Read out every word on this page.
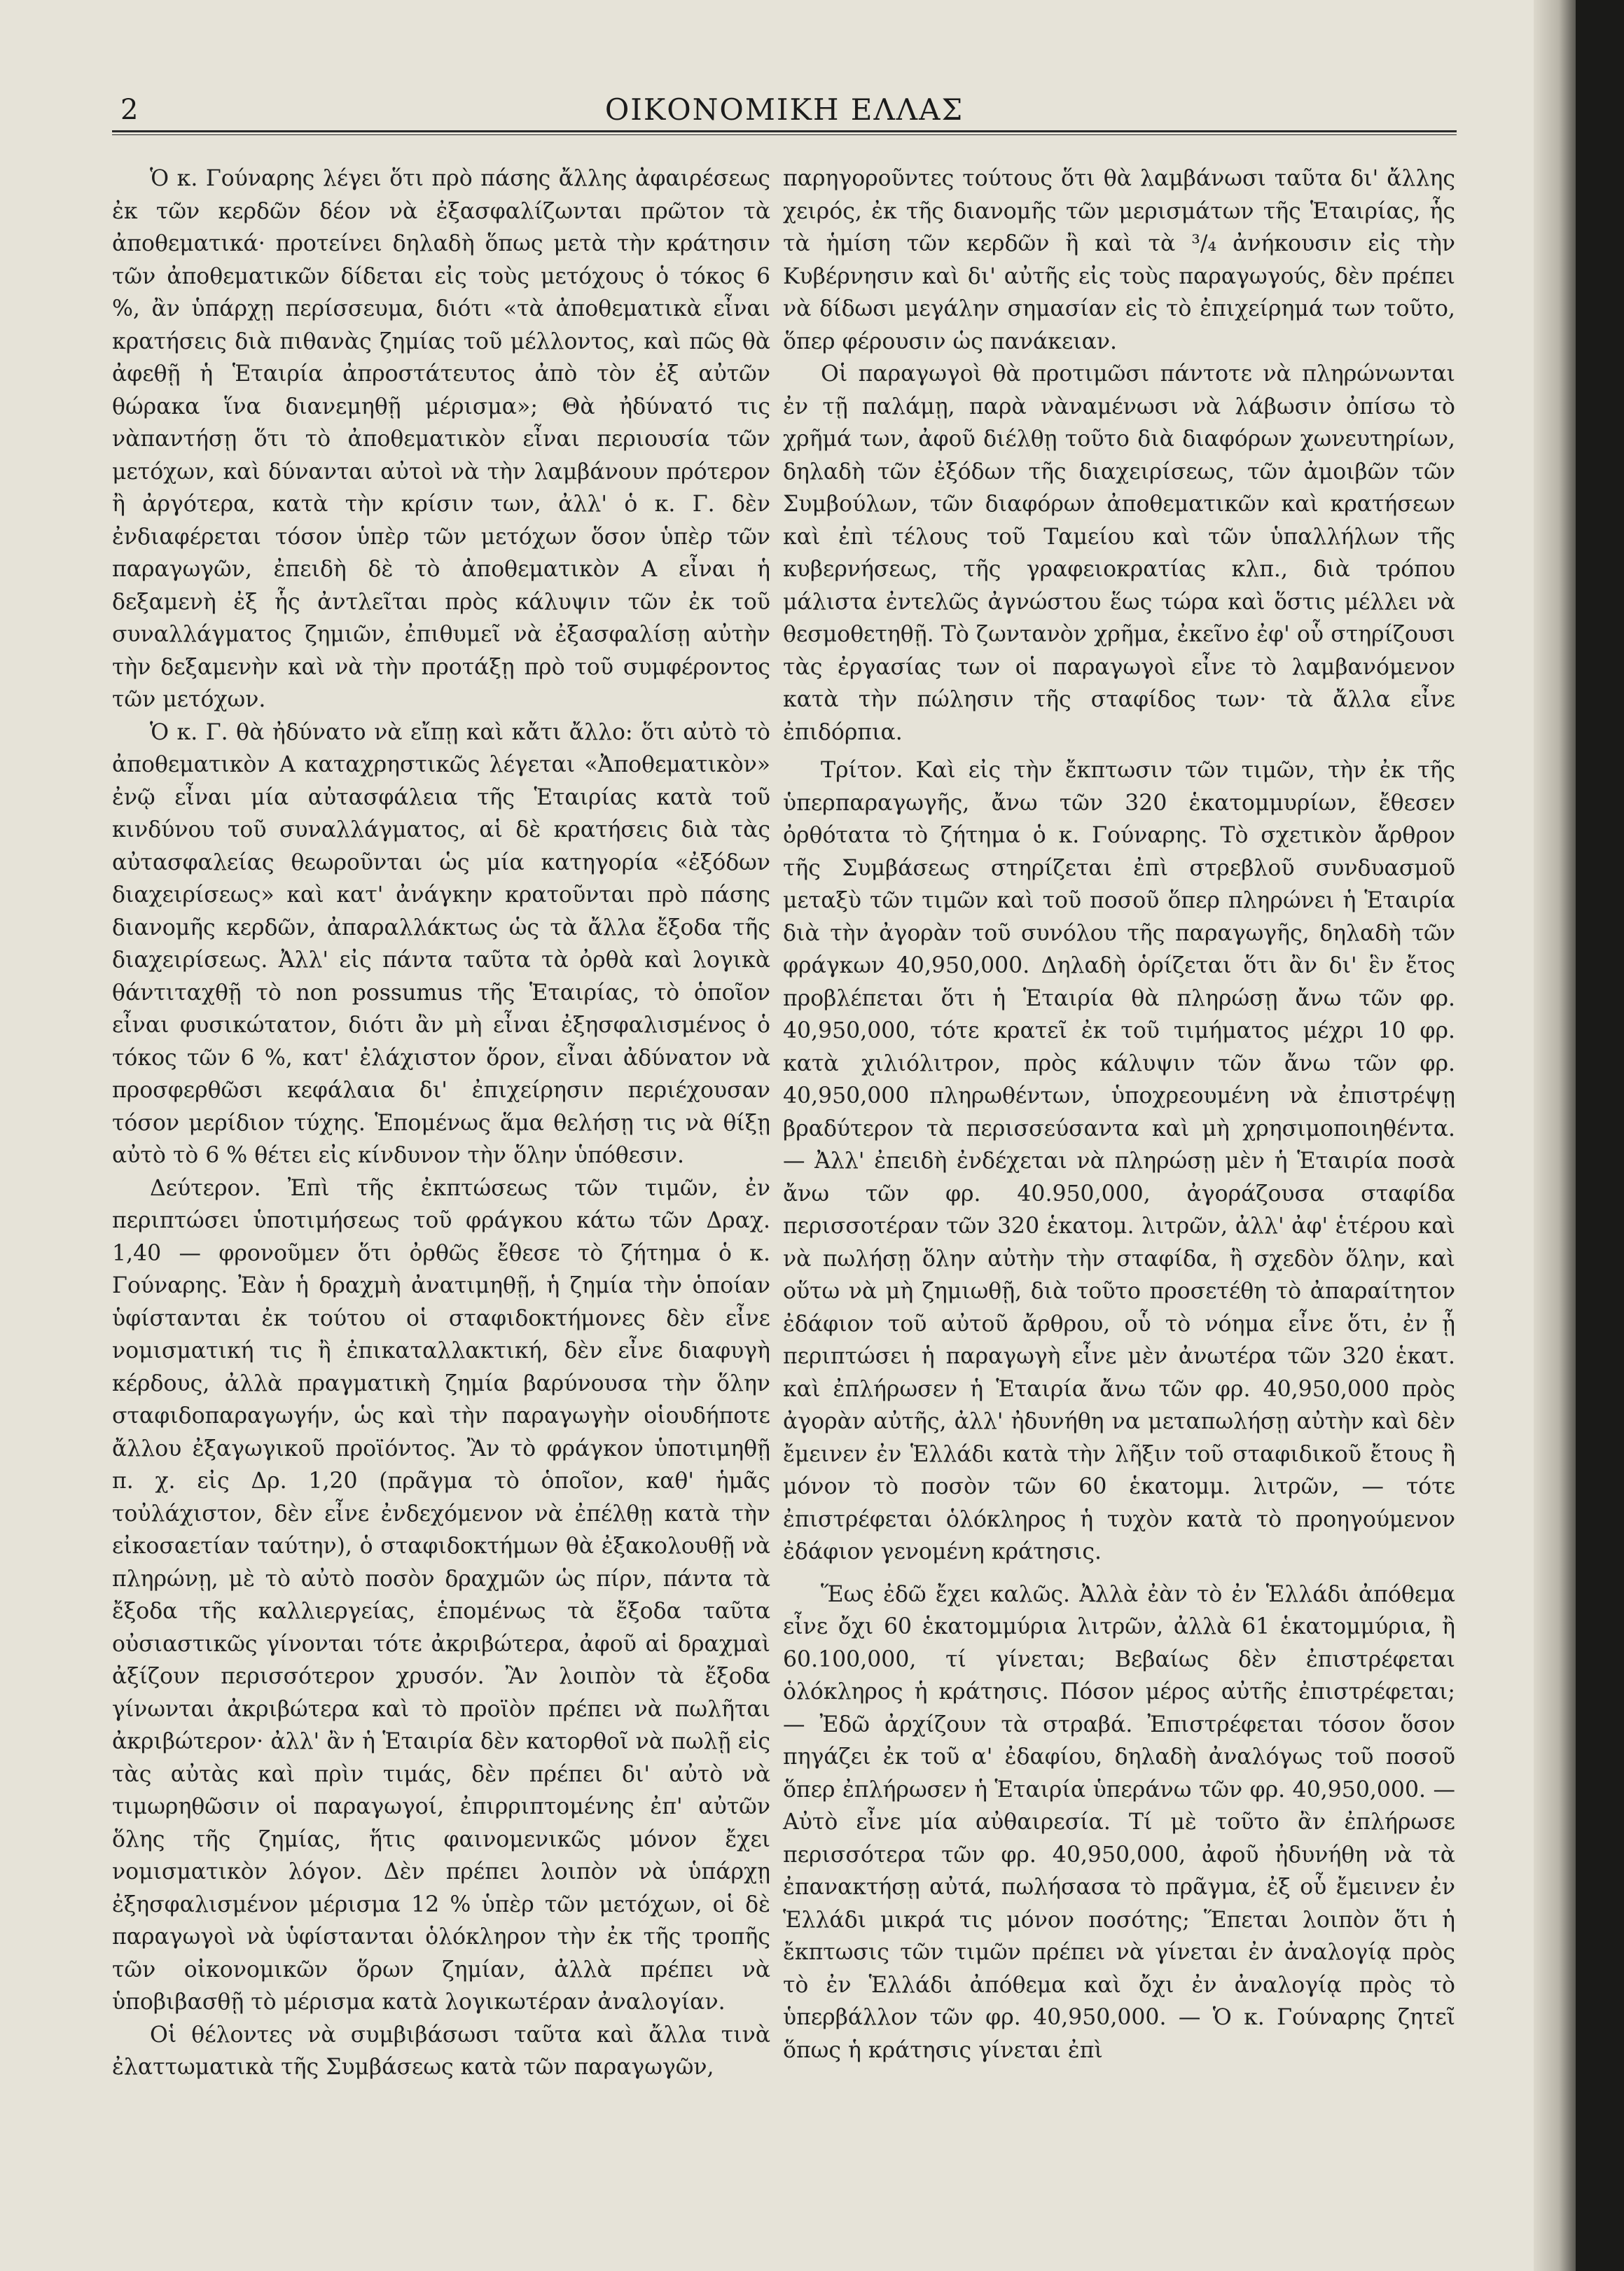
2	ΟΙΚΟΝΟΜΙΚΗ ΕΛΛΑΣ

Ὁ κ. Γούναρης λέγει ὅτι πρὸ πάσης ἄλλης ἀφαιρέσεως ἐκ τῶν κερδῶν δέον νὰ ἐξασφαλίζωνται πρῶτον τὰ ἀποθεματικά· προτείνει δηλαδὴ ὅπως μετὰ τὴν κράτησιν τῶν ἀποθεματικῶν δίδεται εἰς τοὺς μετόχους ὁ τόκος 6 %, ἂν ὑπάρχῃ περίσσευμα, διότι «τὰ ἀποθεματικὰ εἶναι κρατήσεις διὰ πιθανὰς ζημίας τοῦ μέλλοντος, καὶ πῶς θὰ ἀφεθῇ ἡ Ἑταιρία ἀπροστάτευτος ἀπὸ τὸν ἐξ αὐτῶν θώρακα ἵνα διανεμηθῇ μέρισμα»; Θὰ ἠδύνατό τις νὰπαντήσῃ ὅτι τὸ ἀποθεματικὸν εἶναι περιουσία τῶν μετόχων, καὶ δύνανται αὐτοὶ νὰ τὴν λαμβάνουν πρότερον ἢ ἀργότερα, κατὰ τὴν κρίσιν των, ἀλλ' ὁ κ. Γ. δὲν ἐνδιαφέρεται τόσον ὑπὲρ τῶν μετόχων ὅσον ὑπὲρ τῶν παραγωγῶν, ἐπειδὴ δὲ τὸ ἀποθεματικὸν Α εἶναι ἡ δεξαμενὴ ἐξ ἧς ἀντλεῖται πρὸς κάλυψιν τῶν ἐκ τοῦ συναλλάγματος ζημιῶν, ἐπιθυμεῖ νὰ ἐξασφαλίσῃ αὐτὴν τὴν δεξαμενὴν καὶ νὰ τὴν προτάξῃ πρὸ τοῦ συμφέροντος τῶν μετόχων.

Ὁ κ. Γ. θὰ ἠδύνατο νὰ εἴπῃ καὶ κἄτι ἄλλο: ὅτι αὐτὸ τὸ ἀποθεματικὸν Α καταχρηστικῶς λέγεται «Ἀποθεματικὸν» ἐνῷ εἶναι μία αὐτασφάλεια τῆς Ἑταιρίας κατὰ τοῦ κινδύνου τοῦ συναλλάγματος, αἱ δὲ κρατήσεις διὰ τὰς αὐτασφαλείας θεωροῦνται ὡς μία κατηγορία «ἐξόδων διαχειρίσεως» καὶ κατ' ἀνάγκην κρατοῦνται πρὸ πάσης διανομῆς κερδῶν, ἀπαραλλάκτως ὡς τὰ ἄλλα ἔξοδα τῆς διαχειρίσεως. Ἀλλ' εἰς πάντα ταῦτα τὰ ὀρθὰ καὶ λογικὰ θάντιταχθῇ τὸ non possumus τῆς Ἑταιρίας, τὸ ὁποῖον εἶναι φυσικώτατον, διότι ἂν μὴ εἶναι ἐξησφαλισμένος ὁ τόκος τῶν 6 %, κατ' ἐλάχιστον ὅρον, εἶναι ἀδύνατον νὰ προσφερθῶσι κεφάλαια δι' ἐπιχείρησιν περιέχουσαν τόσον μερίδιον τύχης. Ἑπομένως ἅμα θελήσῃ τις νὰ θίξῃ αὐτὸ τὸ 6 % θέτει εἰς κίνδυνον τὴν ὅλην ὑπόθεσιν.

Δεύτερον. Ἐπὶ τῆς ἐκπτώσεως τῶν τιμῶν, ἐν περιπτώσει ὑποτιμήσεως τοῦ φράγκου κάτω τῶν Δραχ. 1,40 — φρονοῦμεν ὅτι ὀρθῶς ἔθεσε τὸ ζήτημα ὁ κ. Γούναρης. Ἐὰν ἡ δραχμὴ ἀνατιμηθῇ, ἡ ζημία τὴν ὁποίαν ὑφίστανται ἐκ τούτου οἱ σταφιδοκτήμονες δὲν εἶνε νομισματική τις ἢ ἐπικαταλλακτική, δὲν εἶνε διαφυγὴ κέρδους, ἀλλὰ πραγματικὴ ζημία βαρύνουσα τὴν ὅλην σταφιδοπαραγωγήν, ὡς καὶ τὴν παραγωγὴν οἱουδήποτε ἄλλου ἐξαγωγικοῦ προϊόντος. Ἂν τὸ φράγκον ὑποτιμηθῇ π. χ. εἰς Δρ. 1,20 (πρᾶγμα τὸ ὁποῖον, καθ' ἡμᾶς τοὐλάχιστον, δὲν εἶνε ἐνδεχόμενον νὰ ἐπέλθῃ κατὰ τὴν εἰκοσαετίαν ταύτην), ὁ σταφιδοκτήμων θὰ ἐξακολουθῇ νὰ πληρώνῃ, μὲ τὸ αὐτὸ ποσὸν δραχμῶν ὡς πίρν, πάντα τὰ ἔξοδα τῆς καλλιεργείας, ἑπομένως τὰ ἔξοδα ταῦτα οὐσιαστικῶς γίνονται τότε ἀκριβώτερα, ἀφοῦ αἱ δραχμαὶ ἀξίζουν περισσότερον χρυσόν. Ἂν λοιπὸν τὰ ἔξοδα γίνωνται ἀκριβώτερα καὶ τὸ προϊὸν πρέπει νὰ πωλῆται ἀκριβώτερον· ἀλλ' ἂν ἡ Ἑταιρία δὲν κατορθοῖ νὰ πωλῇ εἰς τὰς αὐτὰς καὶ πρὶν τιμάς, δὲν πρέπει δι' αὐτὸ νὰ τιμωρηθῶσιν οἱ παραγωγοί, ἐπιρριπτομένης ἐπ' αὐτῶν ὅλης τῆς ζημίας, ἥτις φαινομενικῶς μόνον ἔχει νομισματικὸν λόγον. Δὲν πρέπει λοιπὸν νὰ ὑπάρχῃ ἐξησφαλισμένον μέρισμα 12 % ὑπὲρ τῶν μετόχων, οἱ δὲ παραγωγοὶ νὰ ὑφίστανται ὁλόκληρον τὴν ἐκ τῆς τροπῆς τῶν οἰκονομικῶν ὅρων ζημίαν, ἀλλὰ πρέπει νὰ ὑποβιβασθῇ τὸ μέρισμα κατὰ λογικωτέραν ἀναλογίαν.

Οἱ θέλοντες νὰ συμβιβάσωσι ταῦτα καὶ ἄλλα τινὰ ἐλαττωματικὰ τῆς Συμβάσεως κατὰ τῶν παραγωγῶν,

παρηγοροῦντες τούτους ὅτι θὰ λαμβάνωσι ταῦτα δι' ἄλλης χειρός, ἐκ τῆς διανομῆς τῶν μερισμάτων τῆς Ἑταιρίας, ἧς τὰ ἡμίση τῶν κερδῶν ἢ καὶ τὰ ³/₄ ἀνήκουσιν εἰς τὴν Κυβέρνησιν καὶ δι' αὐτῆς εἰς τοὺς παραγωγούς, δὲν πρέπει νὰ δίδωσι μεγάλην σημασίαν εἰς τὸ ἐπιχείρημά των τοῦτο, ὅπερ φέρουσιν ὡς πανάκειαν.

Οἱ παραγωγοὶ θὰ προτιμῶσι πάντοτε νὰ πληρώνωνται ἐν τῇ παλάμῃ, παρὰ νὰναμένωσι νὰ λάβωσιν ὀπίσω τὸ χρῆμά των, ἀφοῦ διέλθῃ τοῦτο διὰ διαφόρων χωνευτηρίων, δηλαδὴ τῶν ἐξόδων τῆς διαχειρίσεως, τῶν ἀμοιβῶν τῶν Συμβούλων, τῶν διαφόρων ἀποθεματικῶν καὶ κρατήσεων καὶ ἐπὶ τέλους τοῦ Ταμείου καὶ τῶν ὑπαλλήλων τῆς κυβερνήσεως, τῆς γραφειοκρατίας κλπ., διὰ τρόπου μάλιστα ἐντελῶς ἀγνώστου ἕως τώρα καὶ ὅστις μέλλει νὰ θεσμοθετηθῇ. Τὸ ζωντανὸν χρῆμα, ἐκεῖνο ἐφ' οὗ στηρίζουσι τὰς ἐργασίας των οἱ παραγωγοὶ εἶνε τὸ λαμβανόμενον κατὰ τὴν πώλησιν τῆς σταφίδος των· τὰ ἄλλα εἶνε ἐπιδόρπια.

Τρίτον. Καὶ εἰς τὴν ἔκπτωσιν τῶν τιμῶν, τὴν ἐκ τῆς ὑπερπαραγωγῆς, ἄνω τῶν 320 ἑκατομμυρίων, ἔθεσεν ὀρθότατα τὸ ζήτημα ὁ κ. Γούναρης. Τὸ σχετικὸν ἄρθρον τῆς Συμβάσεως στηρίζεται ἐπὶ στρεβλοῦ συνδυασμοῦ μεταξὺ τῶν τιμῶν καὶ τοῦ ποσοῦ ὅπερ πληρώνει ἡ Ἑταιρία διὰ τὴν ἀγορὰν τοῦ συνόλου τῆς παραγωγῆς, δηλαδὴ τῶν φράγκων 40,950,000. Δηλαδὴ ὁρίζεται ὅτι ἂν δι' ἓν ἔτος προβλέπεται ὅτι ἡ Ἑταιρία θὰ πληρώσῃ ἄνω τῶν φρ. 40,950,000, τότε κρατεῖ ἐκ τοῦ τιμήματος μέχρι 10 φρ. κατὰ χιλιόλιτρον, πρὸς κάλυψιν τῶν ἄνω τῶν φρ. 40,950,000 πληρωθέντων, ὑποχρεουμένη νὰ ἐπιστρέψῃ βραδύτερον τὰ περισσεύσαντα καὶ μὴ χρησιμοποιηθέντα. — Ἀλλ' ἐπειδὴ ἐνδέχεται νὰ πληρώσῃ μὲν ἡ Ἑταιρία ποσὰ ἄνω τῶν φρ. 40.950,000, ἀγοράζουσα σταφίδα περισσοτέραν τῶν 320 ἑκατομ. λιτρῶν, ἀλλ' ἀφ' ἑτέρου καὶ νὰ πωλήσῃ ὅλην αὐτὴν τὴν σταφίδα, ἢ σχεδὸν ὅλην, καὶ οὕτω νὰ μὴ ζημιωθῇ, διὰ τοῦτο προσετέθη τὸ ἀπαραίτητον ἐδάφιον τοῦ αὐτοῦ ἄρθρου, οὗ τὸ νόημα εἶνε ὅτι, ἐν ᾗ περιπτώσει ἡ παραγωγὴ εἶνε μὲν ἀνωτέρα τῶν 320 ἑκατ. καὶ ἐπλήρωσεν ἡ Ἑταιρία ἄνω τῶν φρ. 40,950,000 πρὸς ἀγορὰν αὐτῆς, ἀλλ' ἠδυνήθη να μεταπωλήσῃ αὐτὴν καὶ δὲν ἔμεινεν ἐν Ἑλλάδι κατὰ τὴν λῆξιν τοῦ σταφιδικοῦ ἔτους ἢ μόνον τὸ ποσὸν τῶν 60 ἑκατομμ. λιτρῶν, — τότε ἐπιστρέφεται ὁλόκληρος ἡ τυχὸν κατὰ τὸ προηγούμενον ἐδάφιον γενομένη κράτησις.

Ἕως ἐδῶ ἔχει καλῶς. Ἀλλὰ ἐὰν τὸ ἐν Ἑλλάδι ἀπόθεμα εἶνε ὄχι 60 ἑκατομμύρια λιτρῶν, ἀλλὰ 61 ἑκατομμύρια, ἢ 60.100,000, τί γίνεται; Βεβαίως δὲν ἐπιστρέφεται ὁλόκληρος ἡ κράτησις. Πόσον μέρος αὐτῆς ἐπιστρέφεται; — Ἐδῶ ἀρχίζουν τὰ στραβά. Ἐπιστρέφεται τόσον ὅσον πηγάζει ἐκ τοῦ α' ἐδαφίου, δηλαδὴ ἀναλόγως τοῦ ποσοῦ ὅπερ ἐπλήρωσεν ἡ Ἑταιρία ὑπεράνω τῶν φρ. 40,950,000. — Αὐτὸ εἶνε μία αὐθαιρεσία. Τί μὲ τοῦτο ἂν ἐπλήρωσε περισσότερα τῶν φρ. 40,950,000, ἀφοῦ ἠδυνήθη νὰ τὰ ἐπανακτήσῃ αὐτά, πωλήσασα τὸ πρᾶγμα, ἐξ οὗ ἔμεινεν ἐν Ἑλλάδι μικρά τις μόνον ποσότης; Ἕπεται λοιπὸν ὅτι ἡ ἔκπτωσις τῶν τιμῶν πρέπει νὰ γίνεται ἐν ἀναλογίᾳ πρὸς τὸ ἐν Ἑλλάδι ἀπόθεμα καὶ ὄχι ἐν ἀναλογίᾳ πρὸς τὸ ὑπερβάλλον τῶν φρ. 40,950,000. — Ὁ κ. Γούναρης ζητεῖ ὅπως ἡ κράτησις γίνεται ἐπὶ
